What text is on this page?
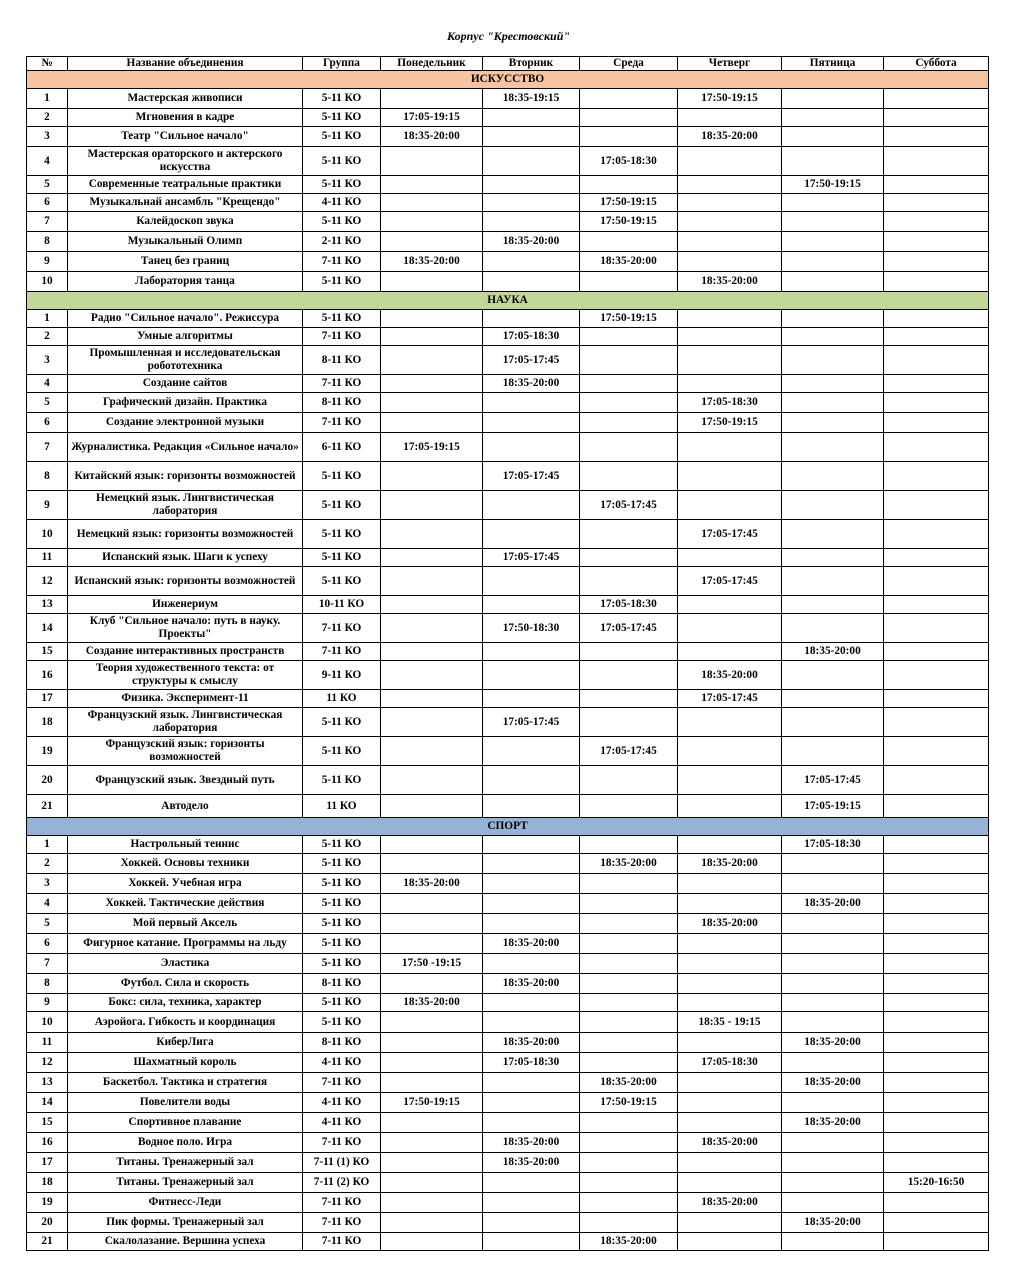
Корпус "Крестовский"
№	Название объединения	Группа	Понедельник	Вторник	Среда	Четверг	Пятница	Суббота
ИСКУССТВО								
1	Мастерская живописи	5-11 КО		18:35-19:15		17:50-19:15		
2	Мгновения в кадре	5-11 КО	17:05-19:15					
3	Театр "Сильное начало"	5-11 КО	18:35-20:00			18:35-20:00		
4	Мастерская ораторского и актерского искусства	5-11 КО			17:05-18:30			
5	Современные театральные практики	5-11 КО					17:50-19:15	
6	Музыкальнай ансамбль "Крещендо"	4-11 КО			17:50-19:15			
7	Калейдоскоп звука	5-11 КО			17:50-19:15			
8	Музыкальный Олимп	2-11 КО		18:35-20:00				
9	Танец без границ	7-11 КО	18:35-20:00		18:35-20:00			
10	Лаборатория танца	5-11 КО				18:35-20:00		
НАУКА								
1	Радио "Сильное начало". Режиссура	5-11 КО			17:50-19:15			
2	Умные алгоритмы	7-11 КО		17:05-18:30				
3	Промышленная и исследовательская робототехника	8-11 КО		17:05-17:45				
4	Создание сайтов	7-11 КО		18:35-20:00				
5	Графический дизайн. Практика	8-11 КО				17:05-18:30		
6	Создание электронной музыки	7-11 КО				17:50-19:15		
7	Журналистика. Редакция «Сильное начало»	6-11 КО	17:05-19:15					
8	Китайский язык: горизонты возможностей	5-11 КО		17:05-17:45				
9	Немецкий язык. Лингвистическая лаборатория	5-11 КО			17:05-17:45			
10	Немецкий язык: горизонты возможностей	5-11 КО				17:05-17:45		
11	Испанский язык. Шаги к успеху	5-11 КО		17:05-17:45				
12	Испанский язык: горизонты возможностей	5-11 КО				17:05-17:45		
13	Инженериум	10-11 КО			17:05-18:30			
14	Клуб "Сильное начало: путь в науку. Проекты"	7-11 КО		17:50-18:30	17:05-17:45			
15	Создание интерактивных пространств	7-11 КО					18:35-20:00	
16	Теория художественного текста: от структуры к смыслу	9-11 КО				18:35-20:00		
17	Физика. Эксперимент-11	11 КО				17:05-17:45		
18	Французский язык. Лингвистическая лаборатория	5-11 КО		17:05-17:45				
19	Французский язык: горизонты возможностей	5-11 КО			17:05-17:45			
20	Французский язык. Звездный путь	5-11 КО					17:05-17:45	
21	Автодело	11 КО					17:05-19:15	
СПОРТ								
1	Настрольный теннис	5-11 КО					17:05-18:30	
2	Хоккей. Основы техники	5-11 КО			18:35-20:00	18:35-20:00		
3	Хоккей. Учебная игра	5-11 КО	18:35-20:00					
4	Хоккей. Тактические действия	5-11 КО					18:35-20:00	
5	Мой первый Аксель	5-11 КО				18:35-20:00		
6	Фигурное катание. Программы на льду	5-11 КО		18:35-20:00				
7	Эластика	5-11 КО	17:50 -19:15					
8	Футбол. Сила и скорость	8-11 КО		18:35-20:00				
9	Бокс: сила, техника, характер	5-11 КО	18:35-20:00					
10	Аэройога. Гибкость и координация	5-11 КО				18:35 - 19:15		
11	КиберЛига	8-11 КО		18:35-20:00			18:35-20:00	
12	Шахматный король	4-11 КО		17:05-18:30		17:05-18:30		
13	Баскетбол. Тактика и стратегия	7-11 КО			18:35-20:00		18:35-20:00	
14	Повелители воды	4-11 КО	17:50-19:15		17:50-19:15			
15	Спортивное плавание	4-11 КО					18:35-20:00	
16	Водное поло. Игра	7-11 КО		18:35-20:00		18:35-20:00		
17	Титаны. Тренажерный зал	7-11 (1) КО		18:35-20:00				
18	Титаны. Тренажерный зал	7-11 (2) КО						15:20-16:50
19	Фитнесс-Леди	7-11 КО				18:35-20:00		
20	Пик формы. Тренажерный зал	7-11 КО					18:35-20:00	
21	Скалолазание. Вершина успеха	7-11 КО			18:35-20:00			
